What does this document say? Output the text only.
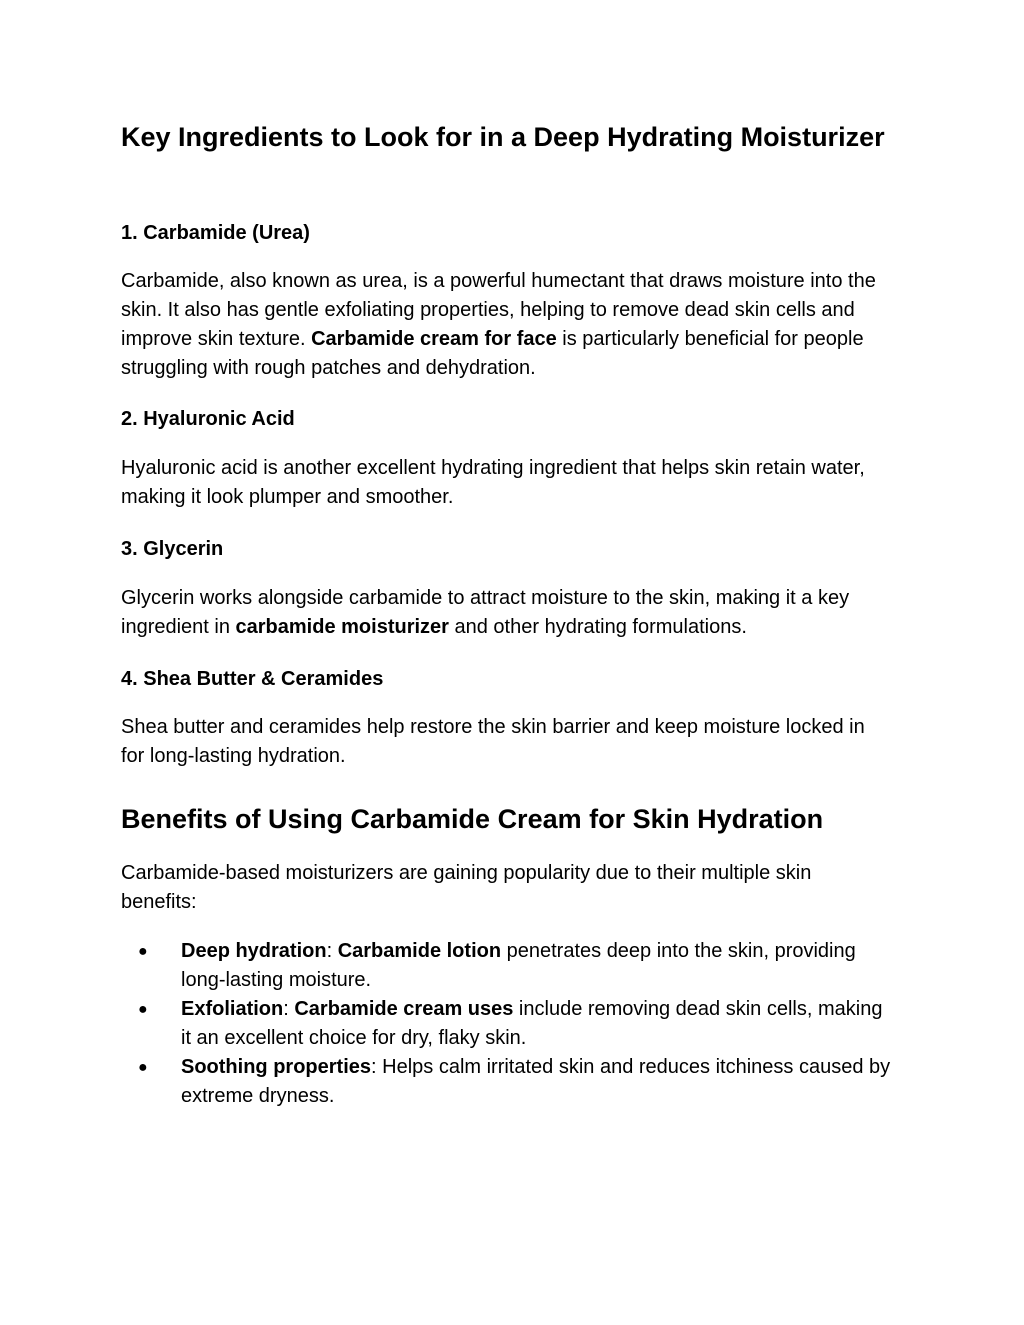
Key Ingredients to Look for in a Deep Hydrating Moisturizer
1. Carbamide (Urea)

Carbamide, also known as urea, is a powerful humectant that draws moisture into the skin. It also has gentle exfoliating properties, helping to remove dead skin cells and improve skin texture. Carbamide cream for face is particularly beneficial for people struggling with rough patches and dehydration.

2. Hyaluronic Acid

Hyaluronic acid is another excellent hydrating ingredient that helps skin retain water, making it look plumper and smoother.

3. Glycerin

Glycerin works alongside carbamide to attract moisture to the skin, making it a key ingredient in carbamide moisturizer and other hydrating formulations.

4. Shea Butter & Ceramides

Shea butter and ceramides help restore the skin barrier and keep moisture locked in for long-lasting hydration.

Benefits of Using Carbamide Cream for Skin Hydration

Carbamide-based moisturizers are gaining popularity due to their multiple skin benefits:

● Deep hydration: Carbamide lotion penetrates deep into the skin, providing long-lasting moisture.
● Exfoliation: Carbamide cream uses include removing dead skin cells, making it an excellent choice for dry, flaky skin.
● Soothing properties: Helps calm irritated skin and reduces itchiness caused by extreme dryness.
